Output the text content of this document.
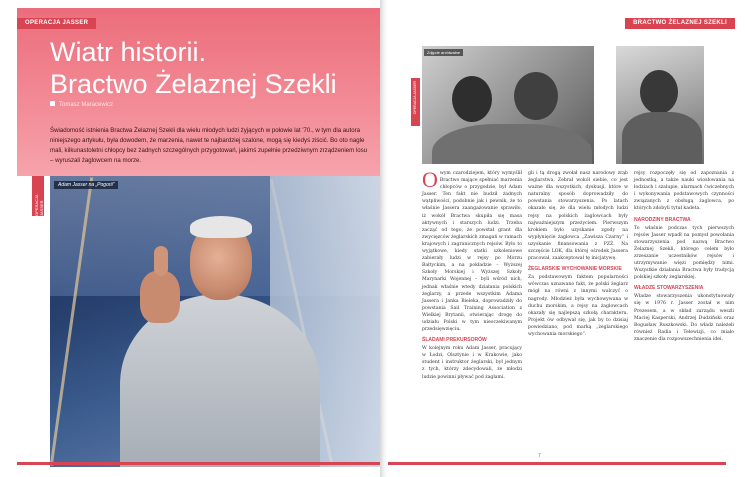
OPERACJA JASSER
Wiatr historii.
Bractwo Żelaznej Szekli
Tomasz Maracewicz

Świadomość istnienia Bractwa Żelaznej Szekli dla wielu młodych ludzi żyjących w połowie lat '70., w tym dla autora niniejszego artykułu, była dowodem, że marzenia, nawet te najbardziej szalone, mogą się kiedyś ziścić. Bo oto nagle mali, kilkunastoletni chłopcy bez żadnych szczególnych przygotowań, jakimś zupełnie przedziwnym zrządzeniem losu – wyruszali żaglowcem na morze.

Adam Jasser na „Pogorii”
OPERACJA JASSER
BRACTWO ŻELAZNEJ SZEKLI
OPERACJA JASSER
Zdjęcie archiwalne
O wym czarodziejem, który wymyślił Bractwo mające spełniać marzenia chłopców o przygodzie, był Adam Jasser. Ten fakt nie budził żadnych wątpliwości, podobnie jak i pewnik, że to właśnie Jasserа zaangażowanie sprawiło, iż wokół Bractwa skupiła się masa aktywnych i starszych ludzi. Trzeba zacząć od tego, że powstał grant dla zwycięzców żeglarskich zmagań w ramach krajowych i zagranicznych rejsów. Było to wyjątkowe, kiedy statki szkoleniowe zabierały ludzi w rejsy po Morzu Bałtyckim, a na pokładzie – Wyższej Szkoły Morskiej i Wyższej Szkoły Marynarki Wojennej – byli wśród nich, jednak właśnie wtedy działania polskich żeglarzy, a przede wszystkim Adama Jassera i Janka Bieleka, doprowadziły do powstania Sail Training Association z Wielkiej Brytanii, otwierając drogę do udziału Polski w tym nieoczekiwanym przedsięwzięciu.
ŚLADAMI PREKURSORÓW
W kolejnym roku Adam Jasser, pracujący w Łodzi, Olsztynie i w Krakowie, jako student i instruktor żeglarski, był jednym z tych, którzy zdecydowali, że młodzi ludzie powinni pływać pod żaglami.
gli i tą drogą zwołał nasz narodowy zrąb żeglarstwa. Zebrał wokół siebie, co jest ważne dla wszystkich, dyskusji, które w naturalny sposób doprowadziły do powstania stowarzyszenia. Po latach okazało się, że dla wielu młodych ludzi rejsy na polskich żaglowcach były najważniejszym przeżyciem. Pierwszym krokiem było uzyskanie zgody na wypłynięcie żaglowca „Zawisza Czarny” i uzyskanie finansowania z PZŻ. Na szczęście LOK, dla której ośrodek Jassera pracował, zaakceptował tę inicjatywę.
ŻEGLARSKIE WYCHOWANIE MORSKIE
Za podstawowym faktem popularności wówczas uznawano fakt, że polski żeglarz mógł na równi z innymi walczyć o nagrody. Młodzież była wychowywana w duchu morskim, a rejsy na żaglowcach okazały się najlepszą szkołą charakteru. Projekt ów odbywał się, jak by to dzisiaj powiedziano, pod marką „żeglarskiego wychowania morskiego”.
rejsy rozpoczęły się od zapoznania z jednostką, a także nauki wiosłowania na łodziach i szalupie, alarmach ćwiczebnych i wykonywania podstawowych czynności związanych z obsługą żaglowca, po których zdobyli tytuł kadeta.
NARODZINY BRACTWA
To właśnie podczas tych pierwszych rejsów Jasser wpadł na pomysł powołania stowarzyszenia pod nazwą Bractwo Żelaznej Szekli, którego celem było zrzeszanie uczestników rejsów i utrzymywanie więzi pomiędzy nimi. Wszystkie działania Bractwa były tradycją polskiej szkoły żeglarskiej.
WŁADZE STOWARZYSZENIA
Władze stowarzyszenia ukonstytuowały się w 1976 r. Jasser został w nim Prezesem, a w skład zarządu weszli Maciej Kasperski, Andrzej Dudziński oraz Bogusław Ruszkowski. Do władz należeli również Radia i Telewizji, co miało znaczenie dla rozpowszechnienia idei.
7
